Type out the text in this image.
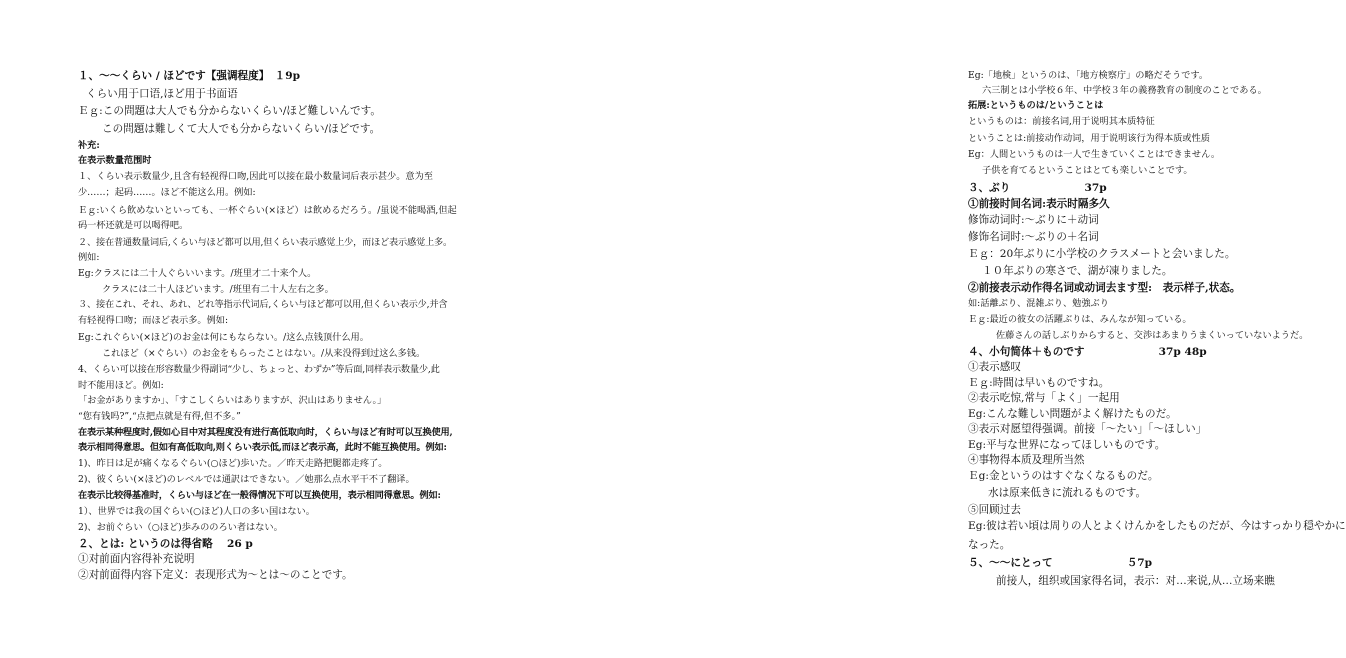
１、～～くらい / ほどです【强调程度】　１9p
くらい用于口语,ほど用于书面语
Ｅｇ:この問題は大人でも分からないくらい/ほど難しいんです。
この問題は難しくて大人でも分からないくらい/ほどです。
补充:
在表示数量范围时
１、くらい表示数量少,且含有轻视得口吻,因此可以接在最小数量词后表示甚少。意为至
少……；起码……。ほど不能这么用。例如:
Ｅｇ:いくら飲めないといっても、一杯ぐらい(×ほど）は飲めるだろう。/虽说不能喝酒,但起
码一杯还就是可以喝得吧。
２、接在普通数量词后,くらい与ほど都可以用,但くらい表示感觉上少，而ほど表示感觉上多。
例如:
Eg:クラスには二十人ぐらいいます。/班里才二十来个人。
クラスには二十人ほどいます。/班里有二十人左右之多。
３、接在これ、それ、あれ、どれ等指示代词后,くらい与ほど都可以用,但くらい表示少,并含
有轻视得口吻；而ほど表示多。例如:
Eg:これぐらい(×ほど)のお金は何にもならない。/这么点钱顶什么用。
これほど（×ぐらい）のお金をもらったことはない。/从来没得到过这么多钱。
4、くらい可以接在形容数量少得副词“少し、ちょっと、わずか”等后面,同样表示数量少,此
时不能用ほど。例如:
「お金がありますか」、「すこしくらいはありますが、沢山はありません。」
“您有钱吗?”,“点把点就是有得,但不多。”
在表示某种程度时,假如心目中对其程度没有进行高低取向时，くらい与ほど有时可以互换使用,
表示相同得意思。但如有高低取向,则くらい表示低,而ほど表示高，此时不能互换使用。例如:
1)、昨日は足が痛くなるぐらい(○ほど)歩いた。／昨天走路把腿都走疼了。
2)、彼くらい(×ほど)のレベルでは通訳はできない。／她那么点水平干不了翻译。
在表示比较得基准时，くらい与ほど在一般得情况下可以互换使用，表示相同得意思。例如:
1）、世界では我の国ぐらい(○ほど)人口の多い国はない。
2)、お前ぐらい（○ほど)歩みののろい者はない。
２、とは: というのは得省略　 26 p
①对前面内容得补充说明
②对前面得内容下定义：表现形式为～とは～のことです。
Eg:「地検」というのは、「地方検察庁」の略だそうです。
六三制とは小学校６年、中学校３年の義務教育の制度のことである。
拓展:というものは/ということは
というものは：前接名词,用于说明其本质特征
ということは:前接动作动词，用于说明该行为得本质或性质
Eg：人間というものは一人で生きていくことはできません。
子供を育てるということはとても楽しいことです。
３、ぶり　　　　　　　37p
①前接时间名词:表示时隔多久
修饰动词时:～ぶりに＋动词
修饰名词时:～ぶりの＋名词
Ｅｇ：20年ぶりに小学校のクラスメートと会いました。
１０年ぶりの寒さで、湖が凍りました。
②前接表示动作得名词或动词去ます型:　表示样子,状态。
如:話離ぶり、混雑ぶり、勉強ぶり
Ｅｇ:最近の彼女の活躍ぶりは、みんなが知っている。
佐藤さんの話しぶりからすると、交渉はあまりうまくいっていないようだ。
４、小句简体＋ものです　　　　　　　37p 48p
①表示感叹
Ｅｇ:時間は早いものですね。
②表示吃惊,常与「よく」一起用
Eg:こんな難しい問題がよく解けたものだ。
③表示对愿望得强调。前接「～たい」「～ほしい」
Eg:平与な世界になってほしいものです。
④事物得本质及理所当然
Ｅg:金というのはすぐなくなるものだ。
水は原来低きに流れるものです。
⑤回顾过去
Eg:彼は若い頃は周りの人とよくけんかをしたものだが、今はすっかり穏やかに
なった。
５、～～にとって　　　　　　　５7p
前接人，组织或国家得名词，表示：对…来说,从…立场来瞧
